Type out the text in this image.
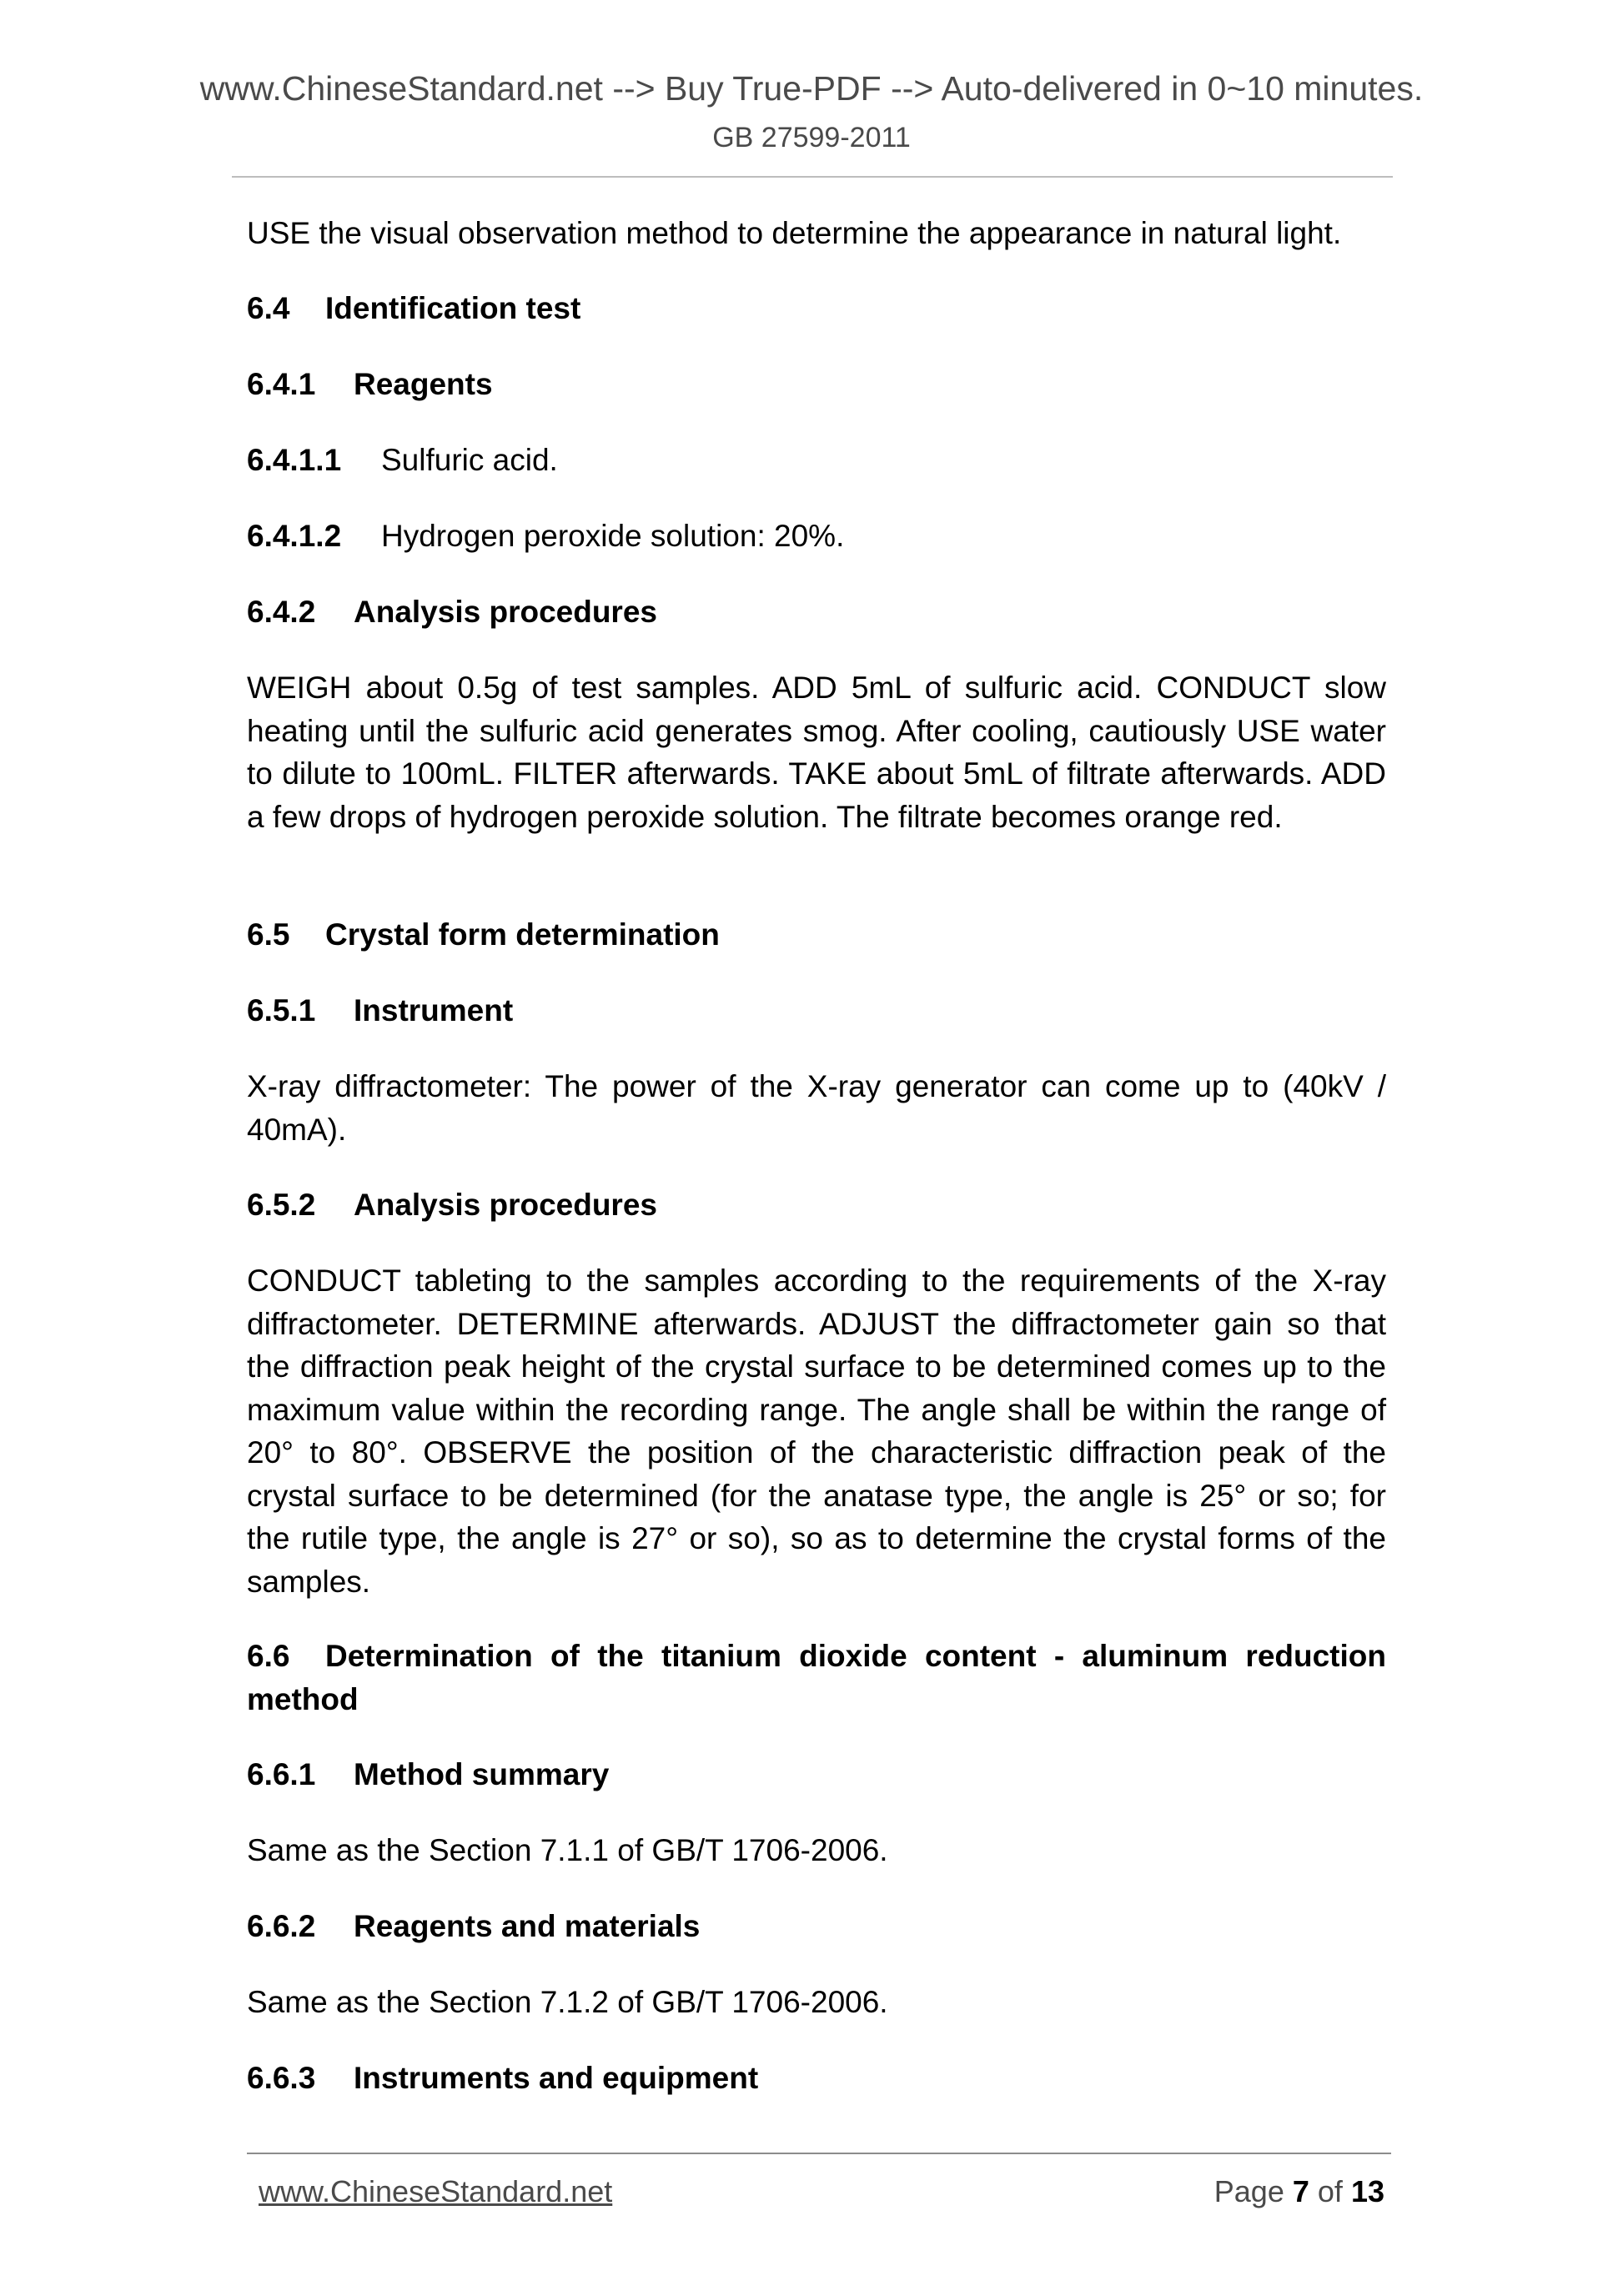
www.ChineseStandard.net --> Buy True-PDF --> Auto-delivered in 0~10 minutes.
GB 27599-2011
USE the visual observation method to determine the appearance in natural light.
6.4 Identification test
6.4.1 Reagents
6.4.1.1 Sulfuric acid.
6.4.1.2 Hydrogen peroxide solution: 20%.
6.4.2 Analysis procedures
WEIGH about 0.5g of test samples. ADD 5mL of sulfuric acid. CONDUCT slow heating until the sulfuric acid generates smog. After cooling, cautiously USE water to dilute to 100mL. FILTER afterwards. TAKE about 5mL of filtrate afterwards. ADD a few drops of hydrogen peroxide solution. The filtrate becomes orange red.
6.5 Crystal form determination
6.5.1 Instrument
X-ray diffractometer: The power of the X-ray generator can come up to (40kV / 40mA).
6.5.2 Analysis procedures
CONDUCT tableting to the samples according to the requirements of the X-ray diffractometer. DETERMINE afterwards. ADJUST the diffractometer gain so that the diffraction peak height of the crystal surface to be determined comes up to the maximum value within the recording range. The angle shall be within the range of 20° to 80°. OBSERVE the position of the characteristic diffraction peak of the crystal surface to be determined (for the anatase type, the angle is 25° or so; for the rutile type, the angle is 27° or so), so as to determine the crystal forms of the samples.
6.6 Determination of the titanium dioxide content - aluminum reduction method
6.6.1 Method summary
Same as the Section 7.1.1 of GB/T 1706-2006.
6.6.2 Reagents and materials
Same as the Section 7.1.2 of GB/T 1706-2006.
6.6.3 Instruments and equipment
www.ChineseStandard.net	Page 7 of 13
